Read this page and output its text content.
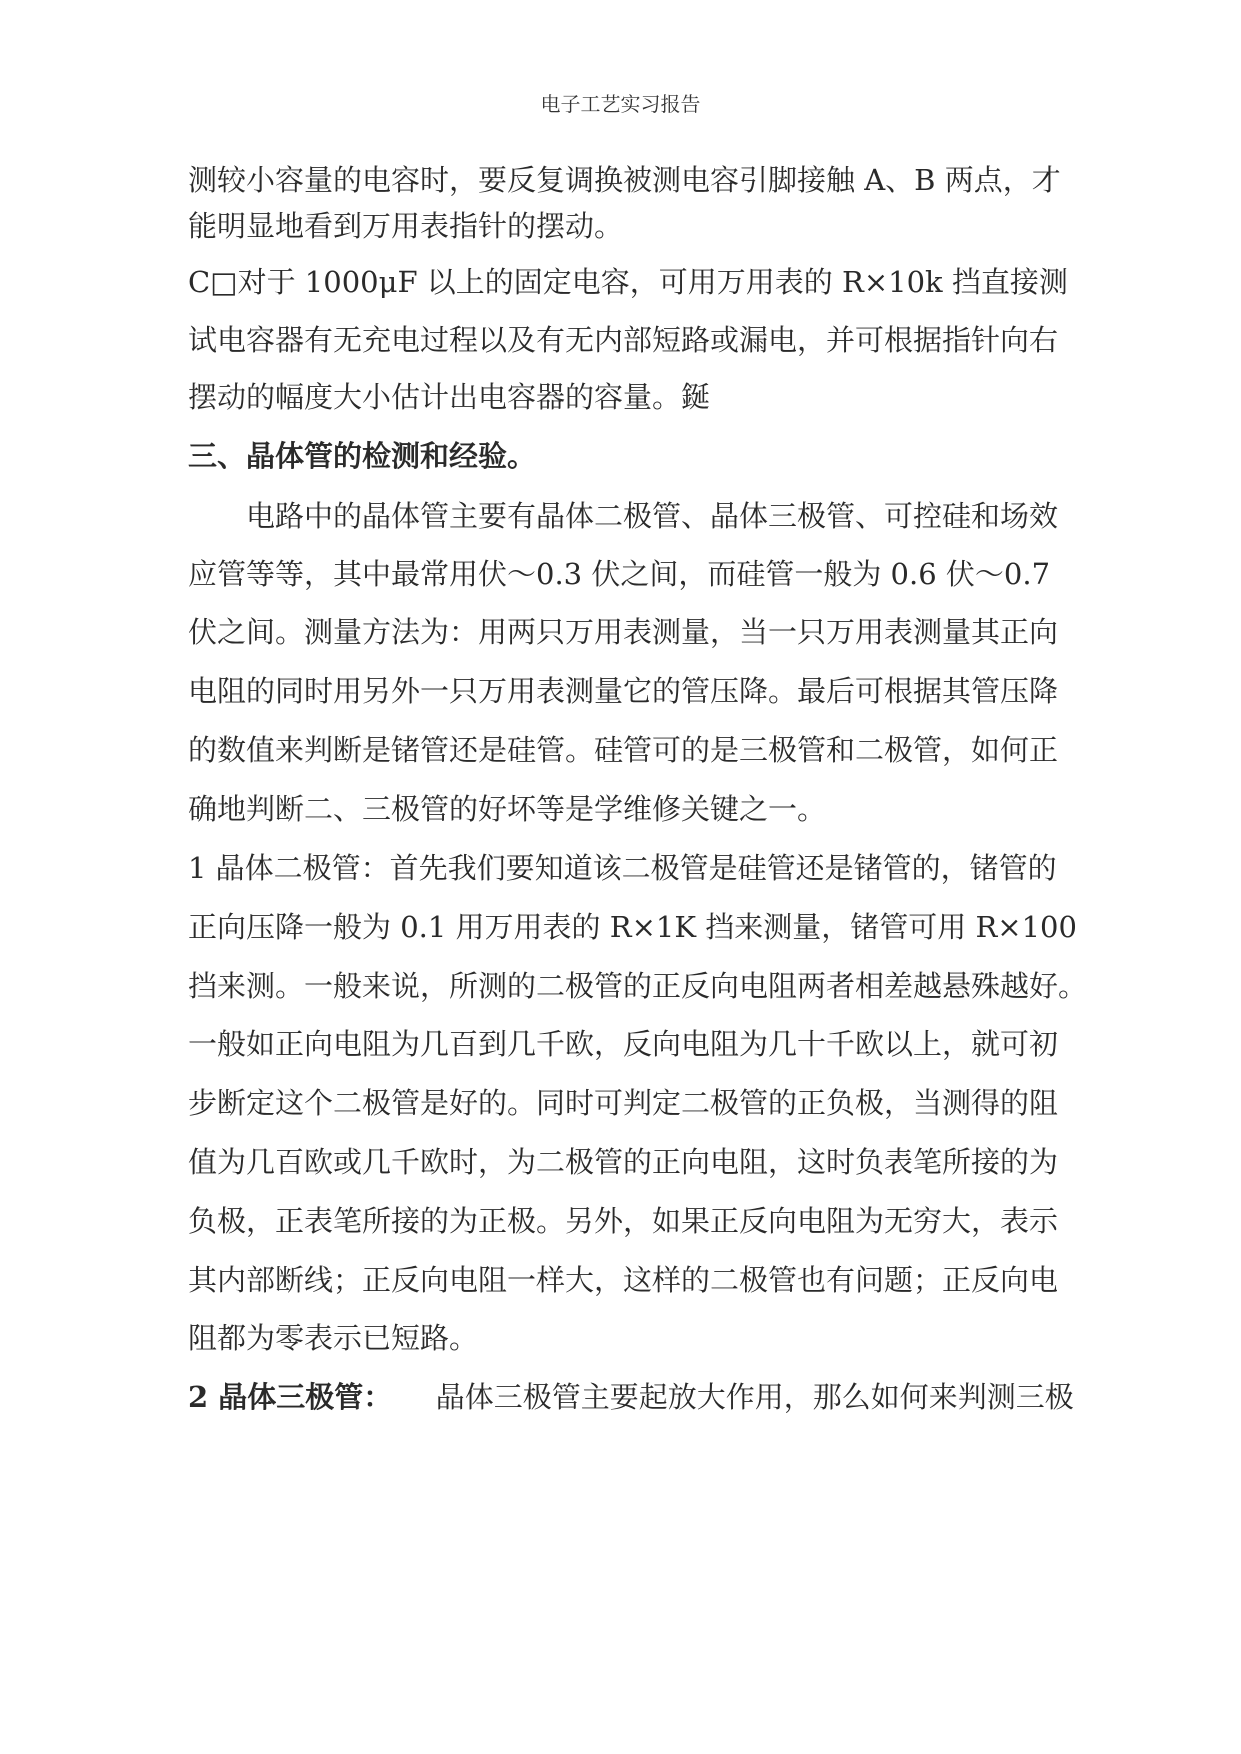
电子工艺实习报告
测较小容量的电容时，要反复调换被测电容引脚接触 A、B 两点，才
能明显地看到万用表指针的摆动。
C□对于 1000μF 以上的固定电容，可用万用表的 R×10k 挡直接测
试电容器有无充电过程以及有无内部短路或漏电，并可根据指针向右
摆动的幅度大小估计出电容器的容量。鋋
三、晶体管的检测和经验。
　　电路中的晶体管主要有晶体二极管、晶体三极管、可控硅和场效
应管等等，其中最常用伏～0.3 伏之间，而硅管一般为 0.6 伏～0.7
伏之间。测量方法为：用两只万用表测量，当一只万用表测量其正向
电阻的同时用另外一只万用表测量它的管压降。最后可根据其管压降
的数值来判断是锗管还是硅管。硅管可的是三极管和二极管，如何正
确地判断二、三极管的好坏等是学维修关键之一。
1 晶体二极管：首先我们要知道该二极管是硅管还是锗管的，锗管的
正向压降一般为 0.1 用万用表的 R×1K 挡来测量，锗管可用 R×100
挡来测。一般来说，所测的二极管的正反向电阻两者相差越悬殊越好。
一般如正向电阻为几百到几千欧，反向电阻为几十千欧以上，就可初
步断定这个二极管是好的。同时可判定二极管的正负极，当测得的阻
值为几百欧或几千欧时，为二极管的正向电阻，这时负表笔所接的为
负极，正表笔所接的为正极。另外，如果正反向电阻为无穷大，表示
其内部断线；正反向电阻一样大，这样的二极管也有问题；正反向电
阻都为零表示已短路。
2 晶体三极管：　　晶体三极管主要起放大作用，那么如何来判测三极
